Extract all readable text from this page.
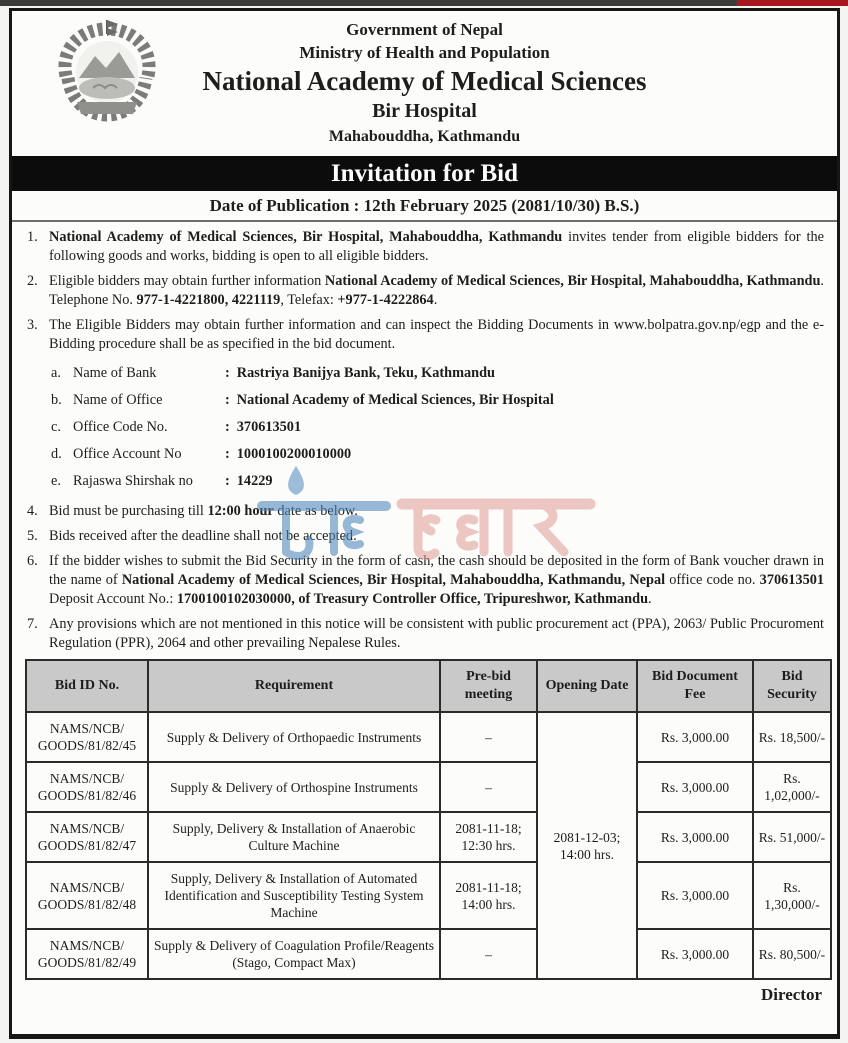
Government of Nepal
Ministry of Health and Population
National Academy of Medical Sciences
Bir Hospital
Mahabouddha, Kathmandu
Invitation for Bid
Date of Publication : 12th February 2025 (2081/10/30) B.S.)
1. National Academy of Medical Sciences, Bir Hospital, Mahabouddha, Kathmandu invites tender from eligible bidders for the following goods and works, bidding is open to all eligible bidders.
2. Eligible bidders may obtain further information National Academy of Medical Sciences, Bir Hospital, Mahabouddha, Kathmandu. Telephone No. 977-1-4221800, 4221119, Telefax: +977-1-4222864.
3. The Eligible Bidders may obtain further information and can inspect the Bidding Documents in www.bolpatra.gov.np/egp and the e-Bidding procedure shall be as specified in the bid document.
a. Name of Bank	: Rastriya Banijya Bank, Teku, Kathmandu
b. Name of Office	: National Academy of Medical Sciences, Bir Hospital
c. Office Code No.	: 370613501
d. Office Account No	: 1000100200010000
e. Rajaswa Shirshak no	: 14229
4. Bid must be purchasing till 12:00 hour date as below.
5. Bids received after the deadline shall not be accepted.
6. If the bidder wishes to submit the Bid Security in the form of cash, the cash should be deposited in the form of Bank voucher drawn in the name of National Academy of Medical Sciences, Bir Hospital, Mahabouddha, Kathmandu, Nepal office code no. 370613501 Deposit Account No.: 1700100102030000, of Treasury Controller Office, Tripureshwor, Kathmandu.
7. Any provisions which are not mentioned in this notice will be consistent with public procurement act (PPA), 2063/ Public Procuroment Regulation (PPR), 2064 and other prevailing Nepalese Rules.
Bid ID No.	Requirement	Pre-bid meeting	Opening Date	Bid Document Fee	Bid Security

NAMS/NCB/
GOODS/81/82/45	Supply & Delivery of Orthopaedic Instruments	–	2081-12-03; 14:00 hrs.	Rs. 3,000.00	Rs. 18,500/-

NAMS/NCB/
GOODS/81/82/46	Supply & Delivery of Orthospine Instruments	–		Rs. 3,000.00	Rs. 1,02,000/-

NAMS/NCB/
GOODS/81/82/47	Supply, Delivery & Installation of Anaerobic Culture Machine	2081-11-18; 12:30 hrs.		Rs. 3,000.00	Rs. 51,000/-

NAMS/NCB/
GOODS/81/82/48	Supply, Delivery & Installation of Automated Identification and Susceptibility Testing System Machine	2081-11-18; 14:00 hrs.		Rs. 3,000.00	Rs. 1,30,000/-

NAMS/NCB/
GOODS/81/82/49	Supply & Delivery of Coagulation Profile/Reagents (Stago, Compact Max)	–		Rs. 3,000.00	Rs. 80,500/-
Director
